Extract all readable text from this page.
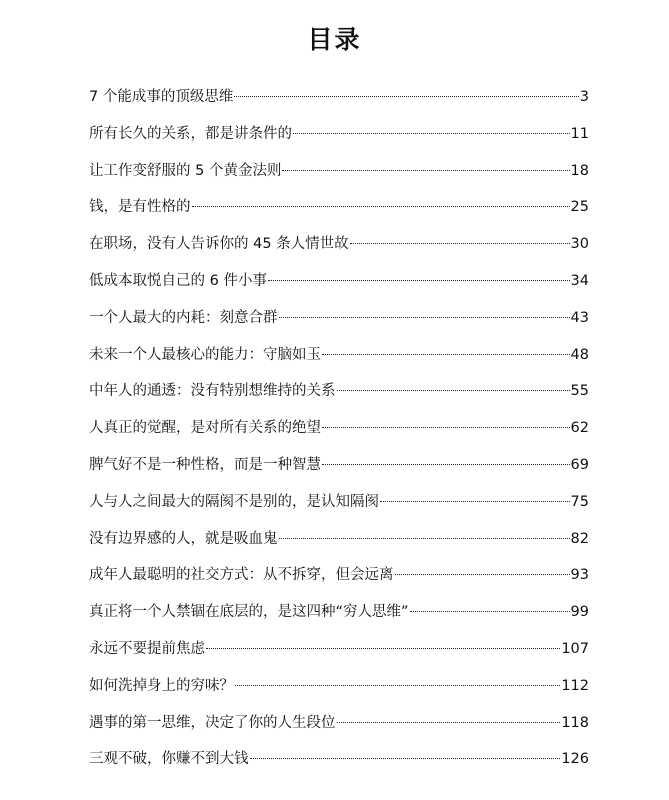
目录
7 个能成事的顶级思维	3
所有长久的关系，都是讲条件的	11
让工作变舒服的 5 个黄金法则	18
钱，是有性格的	25
在职场，没有人告诉你的 45 条人情世故	30
低成本取悦自己的 6 件小事	34
一个人最大的内耗：刻意合群	43
未来一个人最核心的能力：守脑如玉	48
中年人的通透：没有特别想维持的关系	55
人真正的觉醒，是对所有关系的绝望	62
脾气好不是一种性格，而是一种智慧	69
人与人之间最大的隔阂不是别的，是认知隔阂	75
没有边界感的人，就是吸血鬼	82
成年人最聪明的社交方式：从不拆穿，但会远离	93
真正将一个人禁锢在底层的，是这四种“穷人思维”	99
永远不要提前焦虑	107
如何洗掉身上的穷味？	112
遇事的第一思维，决定了你的人生段位	118
三观不破，你赚不到大钱	126
